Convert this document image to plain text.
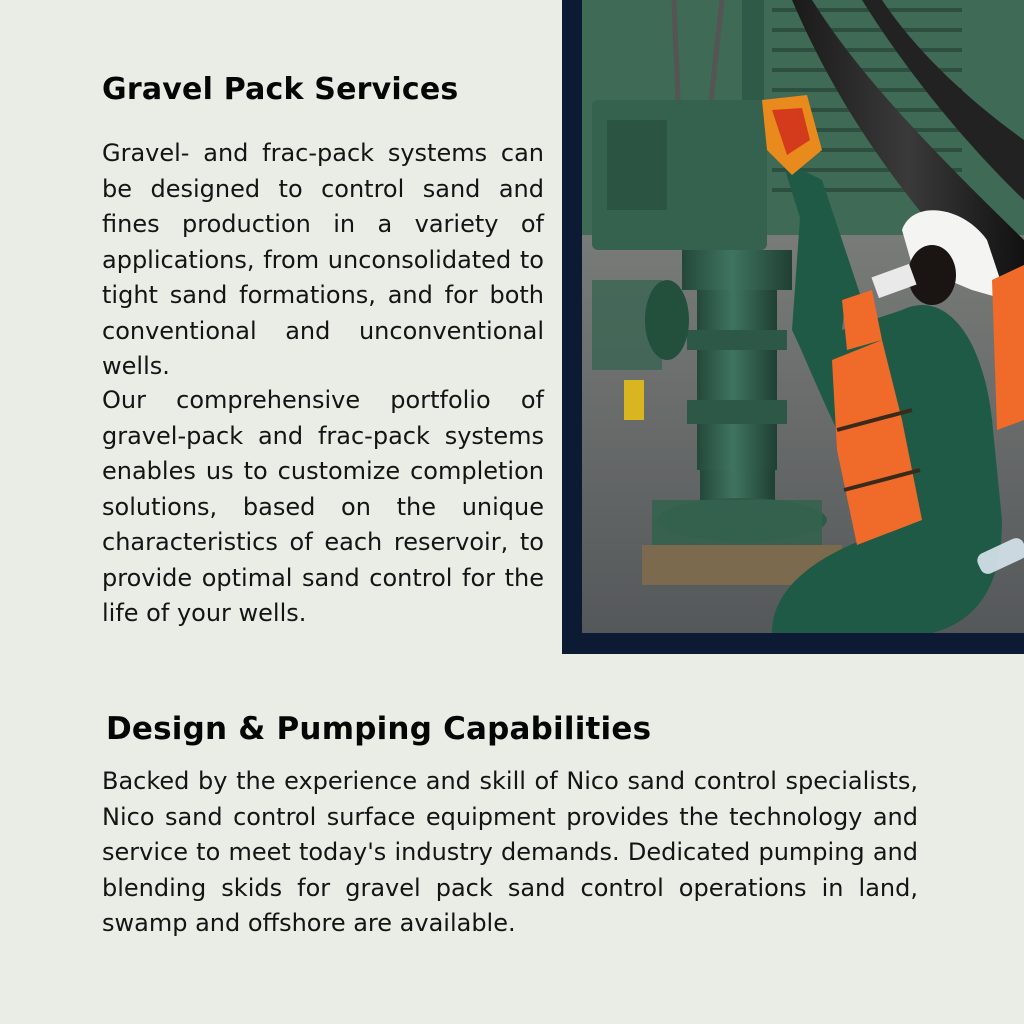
Gravel Pack Services

Gravel- and frac-pack systems can be designed to control sand and fines production in a variety of applications, from unconsolidated to tight sand formations, and for both conventional and unconventional wells.

Our comprehensive portfolio of gravel-pack and frac-pack systems enables us to customize completion solutions, based on the unique characteristics of each reservoir, to provide optimal sand control for the life of your wells.

Design & Pumping Capabilities

Backed by the experience and skill of Nico sand control specialists, Nico sand control surface equipment provides the technology and service to meet today's industry demands. Dedicated pumping and blending skids for gravel pack sand control operations in land, swamp and offshore are available.
